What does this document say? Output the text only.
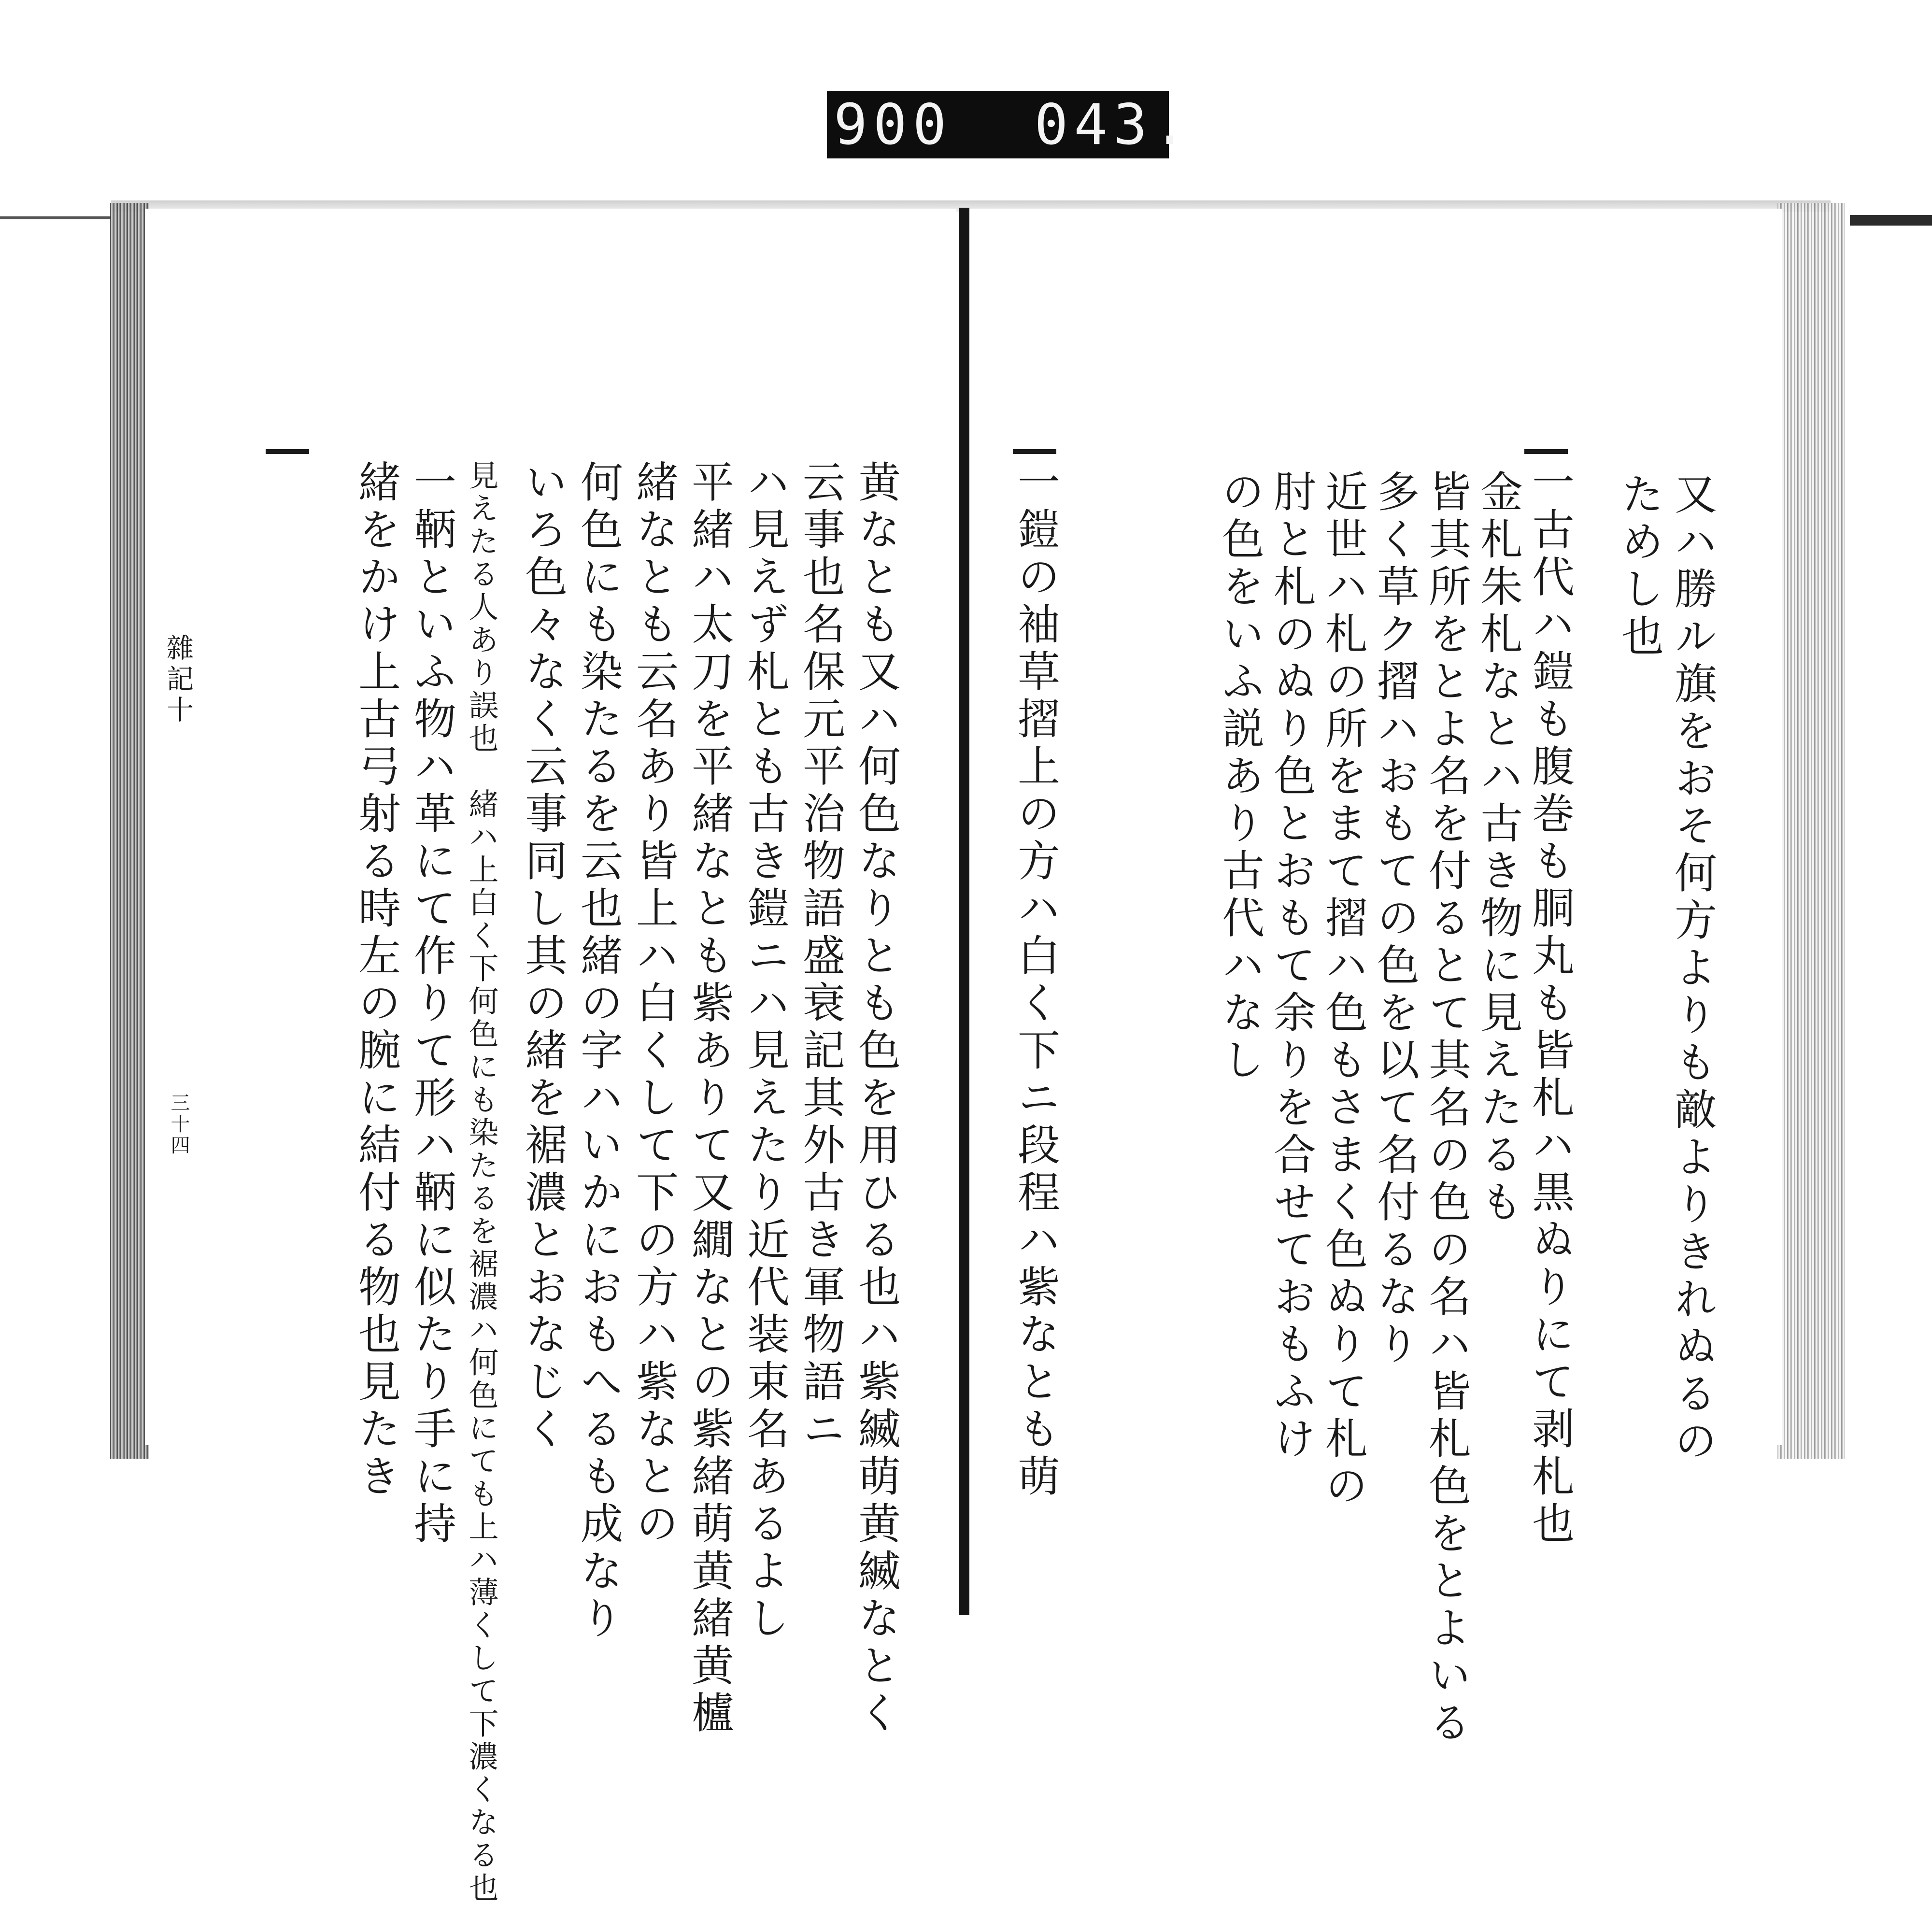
黄なとも又ハ何色なりとも色を用ひる也ハ紫縅萌黄縅なとく
云事也名保元平治物語盛衰記其外古き軍物語ニ
ハ見えず札とも古き鎧ニハ見えたり近代装束名あるよし
平緒ハ太刀を平緒なとも紫ありて又繝なとの紫緒萌黄緒黄櫨
緒なとも云名あり皆上ハ白くして下の方ハ紫なとの
何色にも染たるを云也緒の字ハいかにおもへるも成なり
いろ色々なく云事同し其の緒を裾濃とおなじく
見えたる人あり誤也　緒ハ上白く下何色にも染たるを裾濃ハ何色にても上ハ薄くして下濃くなる也
一鞆といふ物ハ革にて作りて形ハ鞆に似たり手に持
緒をかけ上古弓射る時左の腕に結付る物也見たき
雜記十
三十四	又ハ勝ル旗をおそ何方よりも敵よりきれぬるの
ためし也
一古代ハ鎧も腹巻も胴丸も皆札ハ黒ぬりにて剥札也
金札朱札なとハ古き物に見えたるも
皆其所をとよ名を付るとて其名の色の名ハ皆札色をとよいる
多く草ク摺ハおもての色を以て名付るなり
近世ハ札の所をまて摺ハ色もさまく色ぬりて札の
肘と札のぬり色とおもて余りを合せておもふけ
の色をいふ説あり古代ハなし
一鎧の袖草摺上の方ハ白く下ニ段程ハ紫なとも萌
900 043.
